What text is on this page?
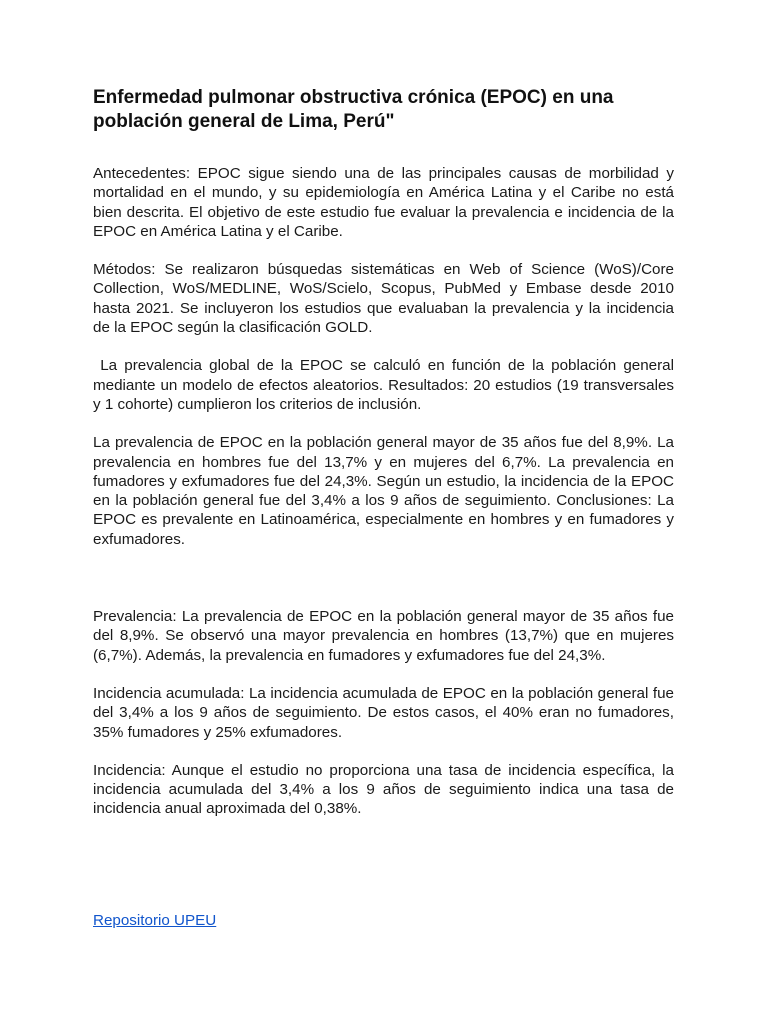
Enfermedad pulmonar obstructiva crónica (EPOC) en una población general de Lima, Perú"

Antecedentes: EPOC sigue siendo una de las principales causas de morbilidad y mortalidad en el mundo, y su epidemiología en América Latina y el Caribe no está bien descrita. El objetivo de este estudio fue evaluar la prevalencia e incidencia de la EPOC en América Latina y el Caribe.

Métodos: Se realizaron búsquedas sistemáticas en Web of Science (WoS)/Core Collection, WoS/MEDLINE, WoS/Scielo, Scopus, PubMed y Embase desde 2010 hasta 2021. Se incluyeron los estudios que evaluaban la prevalencia y la incidencia de la EPOC según la clasificación GOLD.

La prevalencia global de la EPOC se calculó en función de la población general mediante un modelo de efectos aleatorios. Resultados: 20 estudios (19 transversales y 1 cohorte) cumplieron los criterios de inclusión.

La prevalencia de EPOC en la población general mayor de 35 años fue del 8,9%. La prevalencia en hombres fue del 13,7% y en mujeres del 6,7%. La prevalencia en fumadores y exfumadores fue del 24,3%. Según un estudio, la incidencia de la EPOC en la población general fue del 3,4% a los 9 años de seguimiento. Conclusiones: La EPOC es prevalente en Latinoamérica, especialmente en hombres y en fumadores y exfumadores.

Prevalencia: La prevalencia de EPOC en la población general mayor de 35 años fue del 8,9%. Se observó una mayor prevalencia en hombres (13,7%) que en mujeres (6,7%). Además, la prevalencia en fumadores y exfumadores fue del 24,3%.

Incidencia acumulada: La incidencia acumulada de EPOC en la población general fue del 3,4% a los 9 años de seguimiento. De estos casos, el 40% eran no fumadores, 35% fumadores y 25% exfumadores.

Incidencia: Aunque el estudio no proporciona una tasa de incidencia específica, la incidencia acumulada del 3,4% a los 9 años de seguimiento indica una tasa de incidencia anual aproximada del 0,38%.

Repositorio UPEU
